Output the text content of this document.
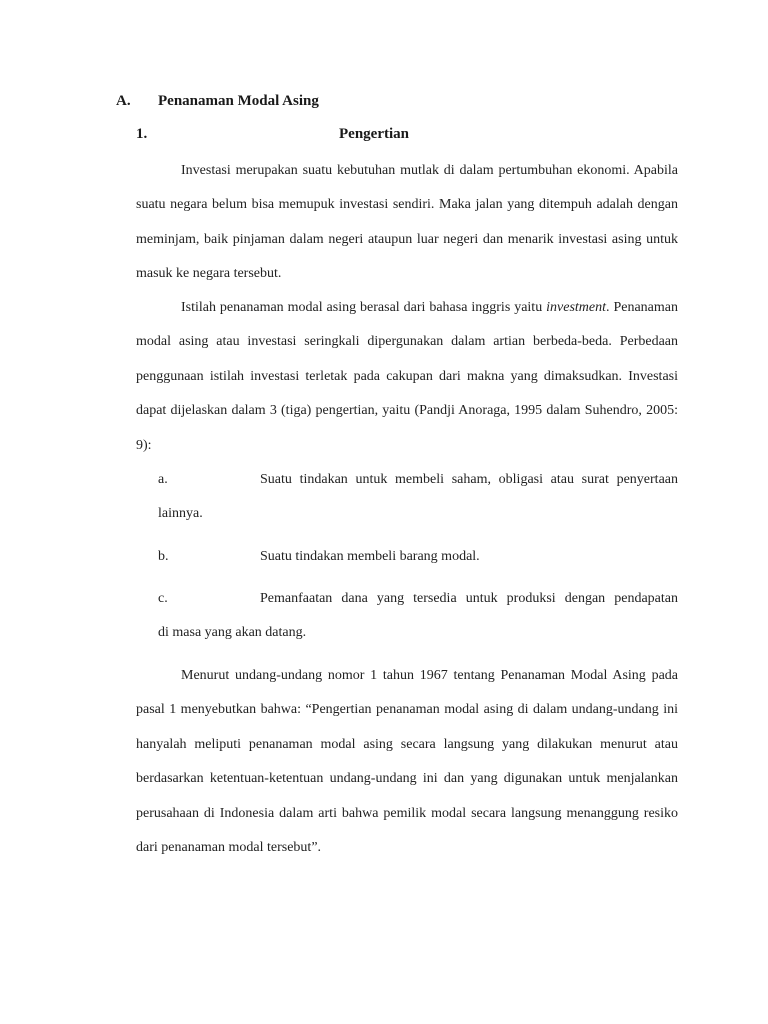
A. Penanaman Modal Asing
1.	Pengertian

Investasi merupakan suatu kebutuhan mutlak di dalam pertumbuhan ekonomi. Apabila suatu negara belum bisa memupuk investasi sendiri. Maka jalan yang ditempuh adalah dengan meminjam, baik pinjaman dalam negeri ataupun luar negeri dan menarik investasi asing untuk masuk ke negara tersebut.

Istilah penanaman modal asing berasal dari bahasa inggris yaitu investment. Penanaman modal asing atau investasi seringkali dipergunakan dalam artian berbeda-beda. Perbedaan penggunaan istilah investasi terletak pada cakupan dari makna yang dimaksudkan. Investasi dapat dijelaskan dalam 3 (tiga) pengertian, yaitu (Pandji Anoraga, 1995 dalam Suhendro, 2005: 9):

a.	Suatu tindakan untuk membeli saham, obligasi atau surat penyertaan
lainnya.
b.	Suatu tindakan membeli barang modal.
c.	Pemanfaatan dana yang tersedia untuk produksi dengan pendapatan
di masa yang akan datang.

Menurut undang-undang nomor 1 tahun 1967 tentang Penanaman Modal Asing pada pasal 1 menyebutkan bahwa: “Pengertian penanaman modal asing di dalam undang-undang ini hanyalah meliputi penanaman modal asing secara langsung yang dilakukan menurut atau berdasarkan ketentuan-ketentuan undang-undang ini dan yang digunakan untuk menjalankan perusahaan di Indonesia dalam arti bahwa pemilik modal secara langsung menanggung resiko dari penanaman modal tersebut”.
